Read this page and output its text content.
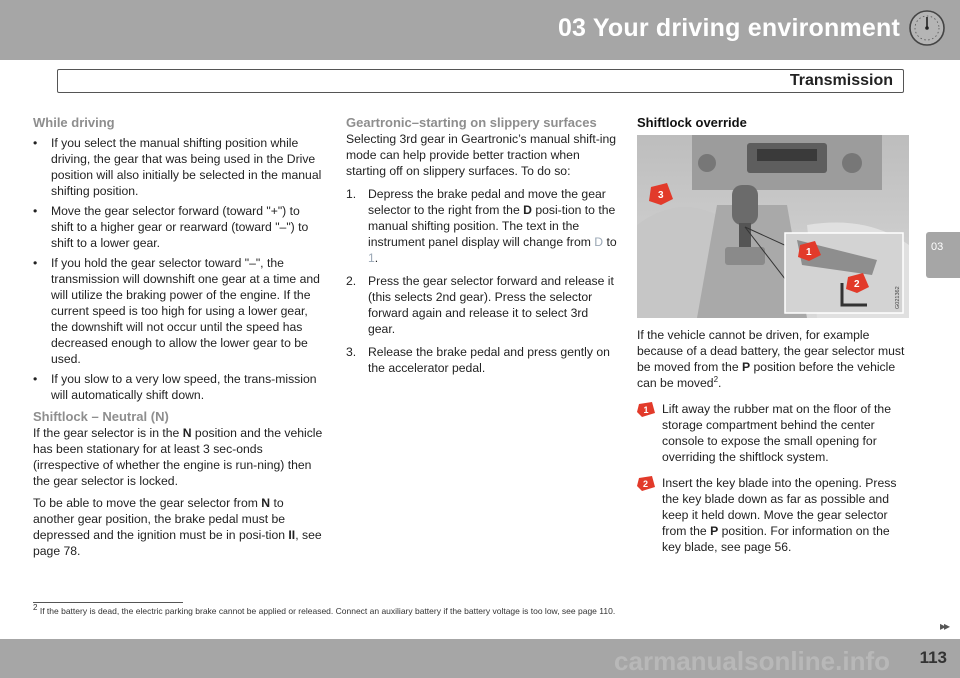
03 Your driving environment
Transmission
03
While driving
• If you select the manual shifting position while driving, the gear that was being used in the Drive position will also initially be selected in the manual shifting position.
• Move the gear selector forward (toward "+") to shift to a higher gear or rearward (toward "–") to shift to a lower gear.
• If you hold the gear selector toward "–", the transmission will downshift one gear at a time and will utilize the braking power of the engine. If the current speed is too high for using a lower gear, the downshift will not occur until the speed has decreased enough to allow the lower gear to be used.
• If you slow to a very low speed, the trans-mission will automatically shift down.
Shiftlock – Neutral (N)

If the gear selector is in the N position and the vehicle has been stationary for at least 3 sec-onds (irrespective of whether the engine is run-ning) then the gear selector is locked.

To be able to move the gear selector from N to another gear position, the brake pedal must be depressed and the ignition must be in posi-tion II, see page 78.

Geartronic–starting on slippery surfaces

Selecting 3rd gear in Geartronic’s manual shift-ing mode can help provide better traction when starting off on slippery surfaces. To do so:

1. Depress the brake pedal and move the gear selector to the right from the D posi-tion to the manual shifting position. The text in the instrument panel display will change from D to 1.
2. Press the gear selector forward and release it (this selects 2nd gear). Press the selector forward again and release it to select 3rd gear.
3. Release the brake pedal and press gently on the accelerator pedal.
Shiftlock override
3
1
2
G021362

If the vehicle cannot be driven, for example because of a dead battery, the gear selector must be moved from the P position before the vehicle can be moved$^2$.

1 Lift away the rubber mat on the floor of the storage compartment behind the center console to expose the small opening for overriding the shiftlock system.
2 Insert the key blade into the opening. Press the key blade down as far as possible and keep it held down. Move the gear selector from the P position. For information on the key blade, see page 56.
$^2$ If the battery is dead, the electric parking brake cannot be applied or released. Connect an auxiliary battery if the battery voltage is too low, see page 110.
▸▸
carmanualsonline.info 113
